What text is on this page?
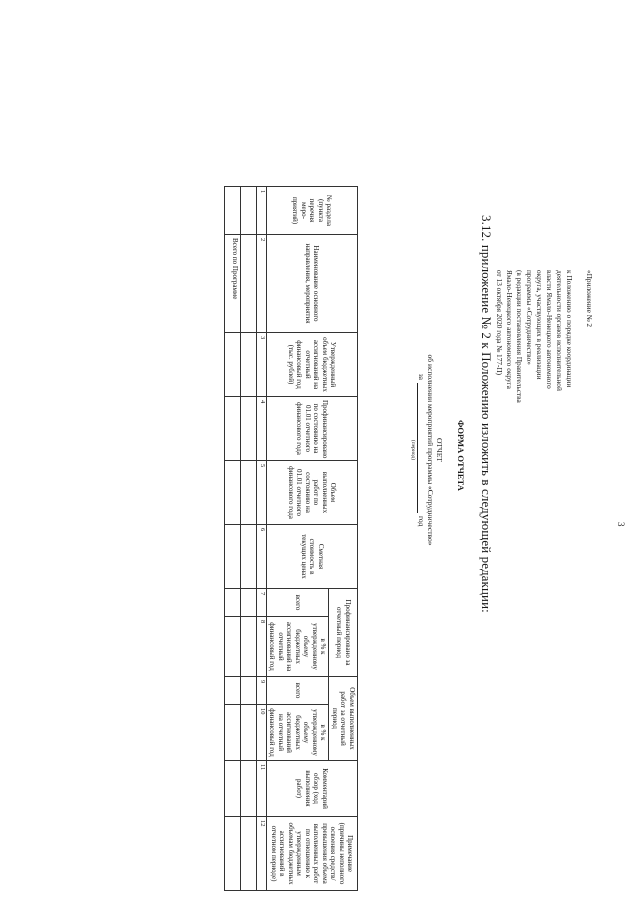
3
3.12. приложение № 2 к Положению изложить в следующей редакции:	«Приложение № 2

к Положению о порядке координации
деятельности органов исполнительной
власти Ямало-Ненецкого автономного
округа, участвующих в реализации
программы «Сотрудничество»
(в редакции постановления Правительства
Ямало-Ненецкого автономного округа
от 13 октября 2020 года № 177-П)
ФОРМА ОТЧЕТА
ОТЧЕТ
об исполнении мероприятий программы «Сотрудничество»
загод
(период)
№ раздела (пункта перечня меро-приятий)	Наименование основного направления, мероприятия	Утвержденный объем бюджетных ассигнований на отчетный финансовый год (тыс. рублей)	Профинансировано по состоянию на 01.01 отчетного финансового года	Объем выполненных работ по состоянию на 01.01 отчетного финансового года	Сметная стоимость в текущих ценах	Профинансировано за отчетный период		Объем выполненных работ за отчетный период		Комментарий обзор (ход выполнения работ)	Примечание (причины неполного освоения средств/превышения объема выполненных работ по отношению к утвержденным объемам бюджетных ассигнований в отчетном периоде)
						всего	в % к утвержденному объему бюджетных ассигнований на отчетный финансовый год	всего	в % к утвержденному объему бюджетных ассигнований на отчетный финансовый год		
1	2	3	4	5	6	7	8	9	10	11	12

	Всего по Программе										
